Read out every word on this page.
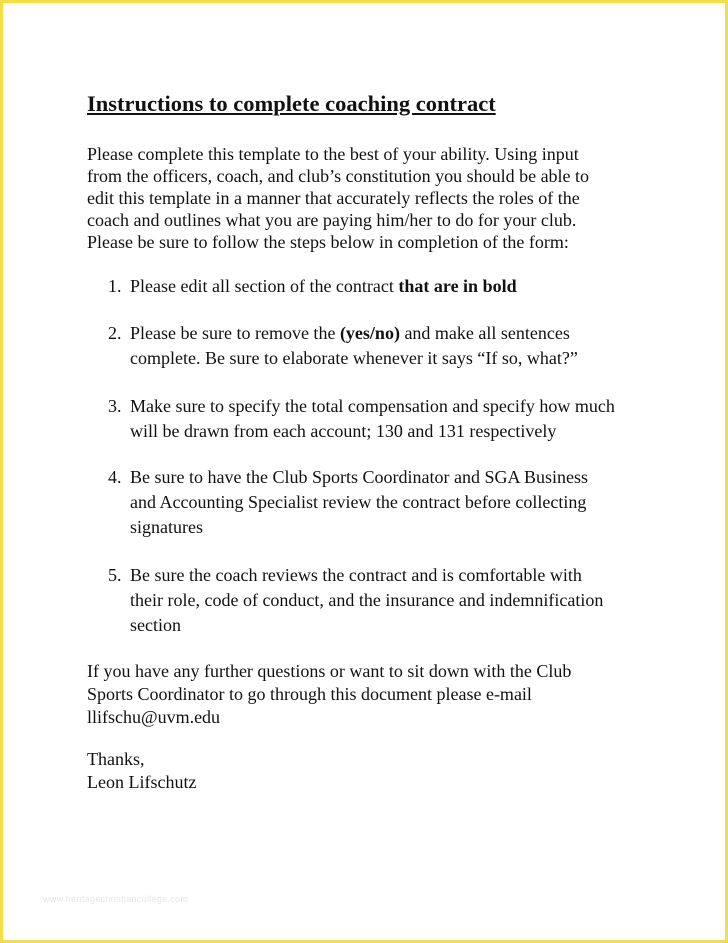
Instructions to complete coaching contract

Please complete this template to the best of your ability. Using input
from the officers, coach, and club’s constitution you should be able to
edit this template in a manner that accurately reflects the roles of the
coach and outlines what you are paying him/her to do for your club.
Please be sure to follow the steps below in completion of the form:

1. Please edit all section of the contract that are in bold
2. Please be sure to remove the (yes/no) and make all sentences
complete. Be sure to elaborate whenever it says “If so, what?”
3. Make sure to specify the total compensation and specify how much
will be drawn from each account; 130 and 131 respectively
4. Be sure to have the Club Sports Coordinator and SGA Business
and Accounting Specialist review the contract before collecting
signatures
5. Be sure the coach reviews the contract and is comfortable with
their role, code of conduct, and the insurance and indemnification
section

If you have any further questions or want to sit down with the Club
Sports Coordinator to go through this document please e-mail
llifschu@uvm.edu

Thanks,
Leon Lifschutz

www.heritagechristiancollege.com
